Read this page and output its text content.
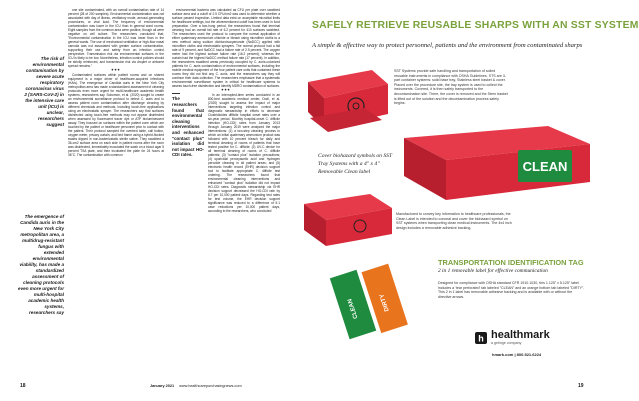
The risk of environmental contamination by severe acute respiratory coronavirus virus 2 (SARS-CoV-2) in the intensive care unit (ICU) is unclear, researchers suggest
The emergence of Candida auris in the New York City metropolitan area, a multidrug-resistant fungus with extended environmental viability, has made a standardized assessment of cleaning protocols even more urgent for multi-hospital academic health systems, researchers say

one site contaminated, with an overall contamination rate of 14 percent (28 of 200 samples). Environmental contamination was not associated with day of illness, ventilatory mode, aerosol-generating procedures, or viral load. The frequency of environmental contamination was lower in the ICU than in general ward rooms. Eight samples from the common area were positive, though all were negative on cell culture. The researchers concluded that, "Environmental contamination in the ICU was lower than in the general wards. The use of mechanical ventilation or high-flow nasal cannula was not associated with greater surface contamination, supporting their use and safety from an infection control perspective. Transmission risk via environmental surfaces in the ICU is likely to be low. Nonetheless, infection control policies should be strictly reinforced, and transmission risk via droplet or airborne spread remains."

•••

Contaminated surfaces within patient rooms and on shared equipment is a major driver of healthcare-acquired infections (HAIs). The emergence of Candida auris in the New York City metropolitan area has made a standardized assessment of cleaning protocols even more urgent for multi-healthcare academic health systems, researchers say. Sokomon, et al. (2020) sought to create an environmental surveillance protocol to detect C. auris and to assess patient room contamination after discharge cleaning by different chemicals and methods, including touch-free applications using an electrostatic sprayer. The researchers say that surfaces disinfected using touch-free methods may not appear disinfected when assessed by fluorescent tracer dye or ATP bioluminescent assay. They focused on surfaces within the patient zone which are touched by the patient or healthcare personnel prior to contact with the patient. Their protocol sampled the overbed table, call button, oxygen meter, privacy curtain, and bed frame using a hybrid-flocked swabs dipped in non-bacteriostatic sterile saline. They swabbed a 36-cm2 surface area on each side in patient rooms after the room was disinfected, immediately inoculated the swab on a blood agar 5 percent TSA plate, and then incubated the plate for 24 hours at 36°C. The contamination with common

environmental bacteria was calculated as CFU per plate over swabbed surface area and a cutoff of 2.5 CFU/cm2 was used to determine whether a surface passed inspection. Limited data exist on acceptable microbial limits for healthcare settings, but the aforementioned cutoff has been used in food preparation. Over a two-hung period, the researchers found that terminal cleaning had an overall fail rate of 6.2 percent for 410 surfaces swabbed. The researchers used the protocol to compare the normal application of either quaternary ammonium chloride or bleach using microfiber cloths to a new method using sodium dichloroisocyanurate (NaDCC) applied with microfiber cloths and electrostatic sprayers. The normal protocol had a fail rate of 9 percent, and NaDCC had a failure rate of 2.5 percent. The oxygen meter had the highest surface failure rate (16.2 percent), whereas the curtain had the highest NaDCC method failure rate (17 percent). In addition, the researchers swabbed areas previously occupied by C. auris-colonized patients for C. auris contamination of environmental surfaces, including the mobile medical equipment of the four patient care units that contained these rooms they did not find any C. auris, and the researchers say they will continue their data collection. The researchers emphasize that a systematic environmental surveillance system is critical for healthcare systems to assess touch-free disinfection and identify MDRO contamination of surfaces.

•••
The researchers found that environmental cleaning interventions and enhanced "contact plus" isolation did not impact HO-CDI rates.

In an interrupted-time series conducted in an 800-bed academic medical center, Dodi, et al. (2020) sought to assess the impact of major interventions targeting infection control and diagnostic stewardship in efforts to decrease Clostridioides difficile hospital onset rates over a six-year period. Monthly hospital-onset C. difficile infection (HO-CDI) rates from January 2013 through January 2019 were analyzed the major interventions: (1) a two-step cleaning process in which an initial quaternary ammonium product was followed with 10 percent bleach for daily and terminal cleaning of rooms of patients that have tested positive for C. difficile; (2) UV-C device for all terminal cleaning of rooms of C. difficile patients; (3) "contact plus" isolation precautions; (4) sporicidal peroxyacetic acid and hydrogen peroxide cleaning in all patient areas; and (5) electronic health record (EHR) decision support tool to facilitate appropriate C. difficile test ordering. The researchers found that environmental cleaning interventions and enhanced "contact plus" isolation did not impact HO-CDI rates. Diagnostic stewardship via EHR decision support decreased the HO-CDI rate by 6.7 per 10,000 patient days. Regarding test rates for test volume, the EHR decision support significance was reduced to a difference of 5.1 case reductions per 10,000 patient days, according to the researchers, who concluded

18	January 2021 www.healthcarepurchasingnews.com
SAFELY RETRIEVE REUSABLE SHARPS WITH AN SST SYSTEM
A simple & effective way to protect personnel, patients and the environment from contaminated sharps
SST Systems provide safe handling and transportation of soiled reusable instruments in compliance with OSHA Guidelines. STS are 3-part container systems: solid base tray, Stainless steel basket & cover. Placed over the procedure site, the tray system is used to collect the instruments. Covered, it is then safely transported to the decontamination site. There, the cover is removed and the Stern basket is lifted out of the solution and the decontamination process safely begins.
Cover biohazard symbols on SST Tray Systems with a 4" x 4" Removable Clean label	CLEAN
Manufactured to convey key information to healthcare professionals, the Clean Label is intended to conceal and cover the biohazard symbol on SST systems when transporting clean medical instruments. The 4x4 inch design includes a removable adhesive backing.
TRANSPORTATION IDENTIFICATION TAG
2 in 1 removable label for effective communication
Designed for compliance with OSHA standard CFR 1910.1030, this 1.125" x 5.125" label includes a 'tear perforated' tab labeled "CLEAN" and an orange bottom tab labeled "DIRTY". This 2 in 1 label has removable adhesive backing and is available with or without the directive arrows.
CLEAN	DIRTY
h healthmark
a getinge company
hmark.com | 800.521.6224
19
